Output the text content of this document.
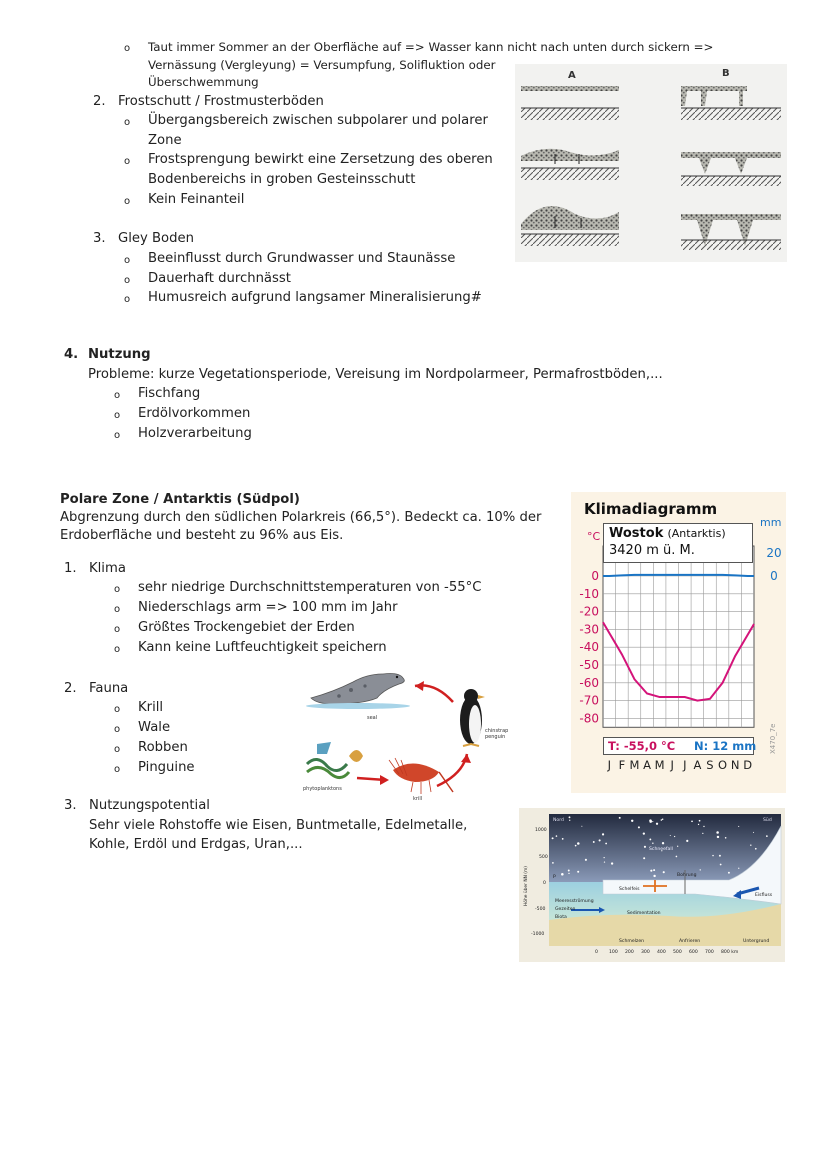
o Taut immer Sommer an der Oberfläche auf => Wasser kann nicht nach unten durch sickern =>
Vernässung (Vergleyung) = Versumpfung, Solifluktion oder
Überschwemmung
2. Frostschutt / Frostmusterböden
o Übergangsbereich zwischen subpolarer und polarer
Zone
o Frostsprengung bewirkt eine Zersetzung des oberen
Bodenbereichs in groben Gesteinsschutt
o Kein Feinanteil
3. Gley Boden
o Beeinflusst durch Grundwasser und Staunässe
o Dauerhaft durchnässt
o Humusreich aufgrund langsamer Mineralisierung#
A	B
4. Nutzung
Probleme: kurze Vegetationsperiode, Vereisung im Nordpolarmeer, Permafrostböden,...
o Fischfang
o Erdölvorkommen
o Holzverarbeitung
Polare Zone / Antarktis (Südpol)
Abgrenzung durch den südlichen Polarkreis (66,5°). Bedeckt ca. 10% der
Erdoberfläche und besteht zu 96% aus Eis.
1. Klima
o sehr niedrige Durchschnittstemperaturen von -55°C
o Niederschlags arm => 100 mm im Jahr
o Größtes Trockengebiet der Erden
o Kann keine Luftfeuchtigkeit speichern
2. Fauna
o Krill
o Wale
o Robben
o Pinguine
3. Nutzungspotential
Sehr viele Rohstoffe wie Eisen, Buntmetalle, Edelmetalle,
Kohle, Erdöl und Erdgas, Uran,...
seal
chinstrap
penguin
krill
phytoplanktons
Klimadiagramm
mm
°C
0
-10
-20
-30
-40
-50
-60
-70
-80
20
0
J F M A M J J A S O N D
Wostok (Antarktis)
3420 m ü. M.
T: -55,0 °C N: 12 mm X470_7e
Nord	Süd
Schneefall
Bohrung
Schelfeis
Eisfluss
Meeresströmung
Gezeiten
Biota
Sedimentation
Schmelzen	Anfrieren	Untergrund
P
1000
500
0
-500
-1000
0 100 200 300 400 500 600 700 800 km
Höhe über NN (m)
